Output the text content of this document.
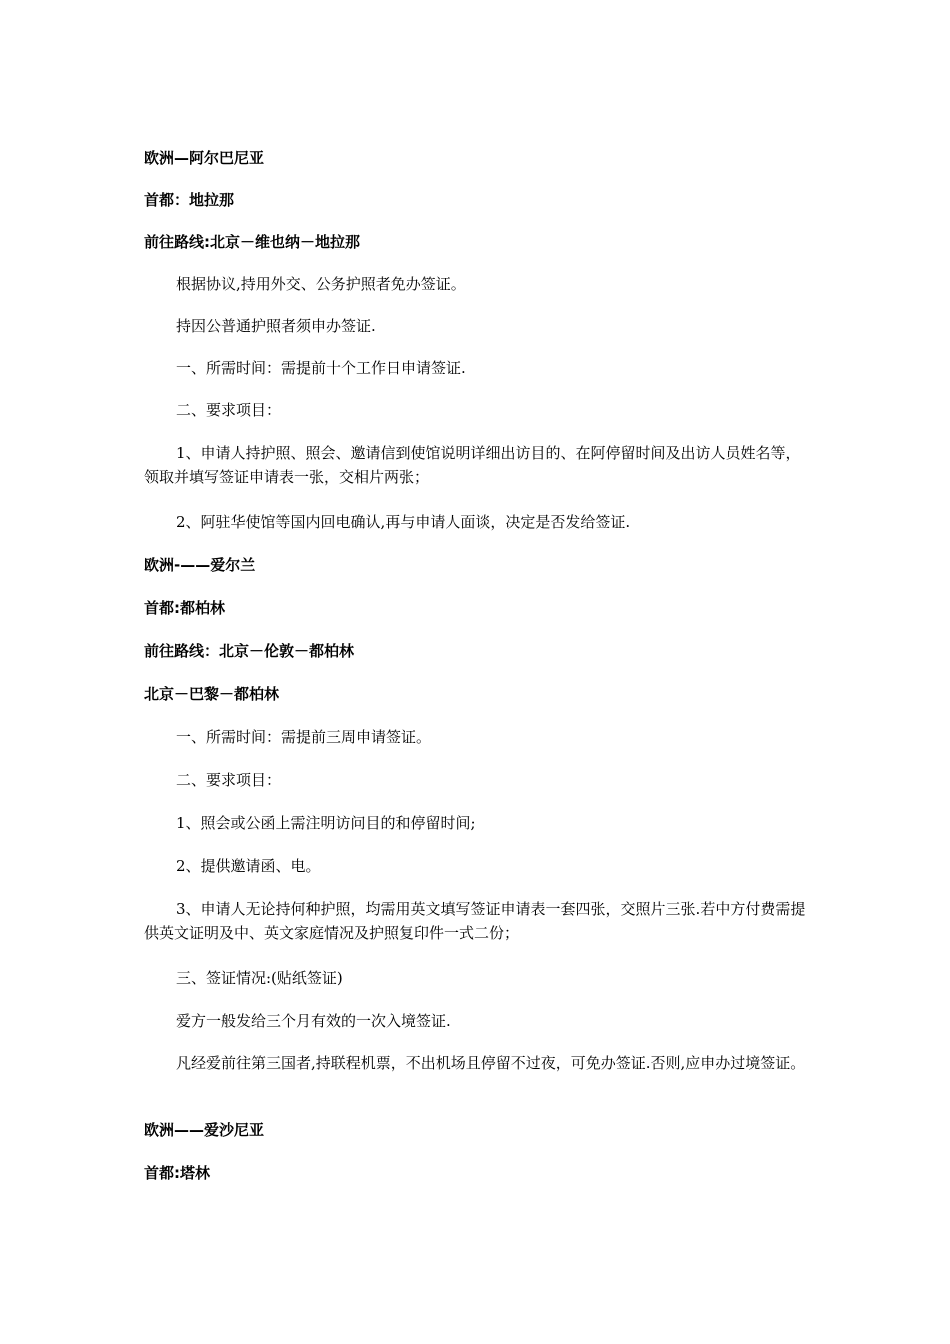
欧洲—阿尔巴尼亚
首都：地拉那
前往路线:北京－维也纳－地拉那
根据协议,持用外交、公务护照者免办签证。
持因公普通护照者须申办签证.
一、所需时间：需提前十个工作日申请签证.
二、要求项目：
1、申请人持护照、照会、邀请信到使馆说明详细出访目的、在阿停留时间及出访人员姓名等，领取并填写签证申请表一张，交相片两张；
2、阿驻华使馆等国内回电确认,再与申请人面谈，决定是否发给签证.
欧洲-——爱尔兰
首都:都柏林
前往路线：北京－伦敦－都柏林
北京－巴黎－都柏林
一、所需时间：需提前三周申请签证。
二、要求项目：
1、照会或公函上需注明访问目的和停留时间;
2、提供邀请函、电。
3、申请人无论持何种护照，均需用英文填写签证申请表一套四张，交照片三张.若中方付费需提供英文证明及中、英文家庭情况及护照复印件一式二份；
三、签证情况:(贴纸签证)
爱方一般发给三个月有效的一次入境签证.
凡经爱前往第三国者,持联程机票，不出机场且停留不过夜，可免办签证.否则,应申办过境签证。
欧洲——爱沙尼亚
首都:塔林
